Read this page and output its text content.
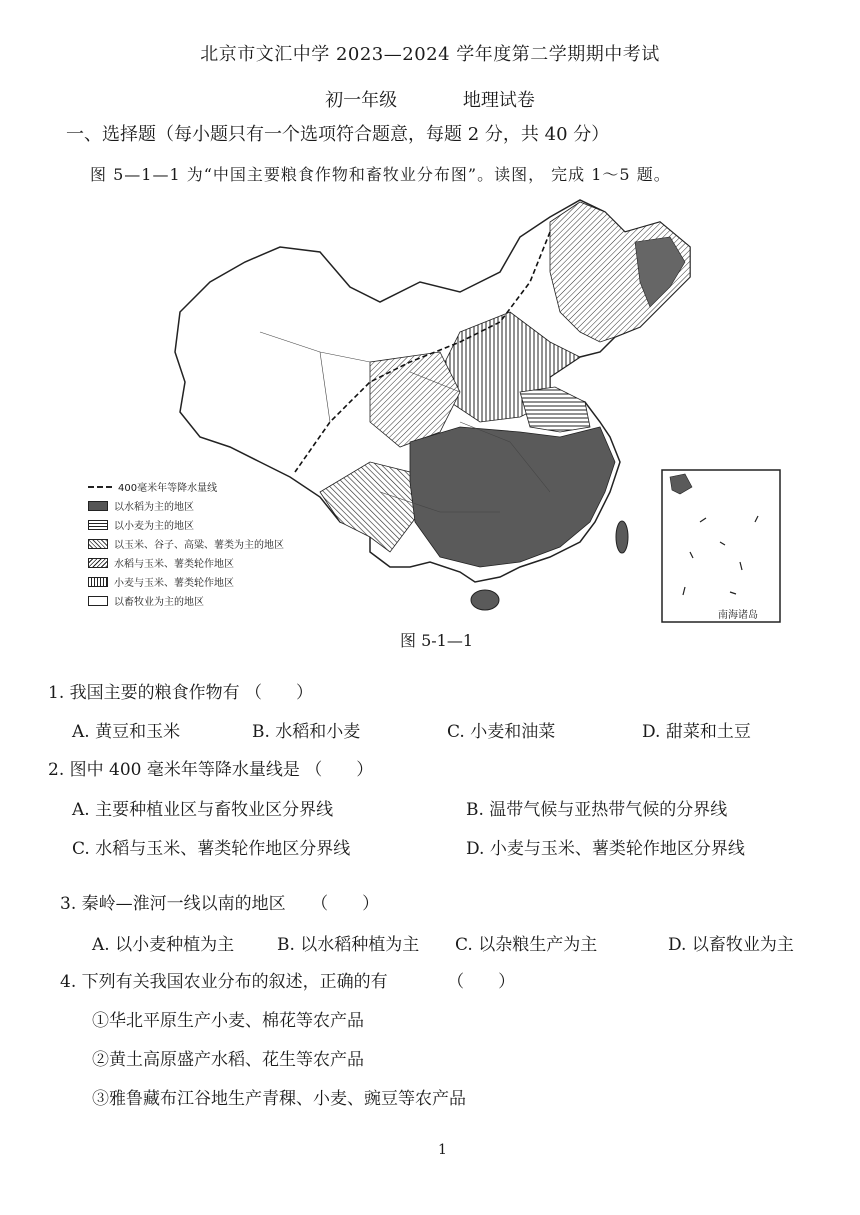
北京市文汇中学 2023—2024 学年度第二学期期中考试
初一年级	地理试卷
一、选择题（每小题只有一个选项符合题意，每题 2 分，共 40 分）
图 5—1—1 为“中国主要粮食作物和畜牧业分布图”。读图， 完成 1～5 题。
400毫米年等降水量线
以水稻为主的地区
以小麦为主的地区
以玉米、谷子、高粱、薯类为主的地区
水稻与玉米、薯类轮作地区
小麦与玉米、薯类轮作地区
以畜牧业为主的地区
南海诸岛
图 5-1—1
1. 我国主要的粮食作物有 （　　）
A. 黄豆和玉米	B. 水稻和小麦	C. 小麦和油菜	D. 甜菜和土豆
2. 图中 400 毫米年等降水量线是 （　　）
A. 主要种植业区与畜牧业区分界线	B. 温带气候与亚热带气候的分界线
C. 水稻与玉米、薯类轮作地区分界线	D. 小麦与玉米、薯类轮作地区分界线
3. 秦岭—淮河一线以南的地区　　（　　）
A. 以小麦种植为主	B. 以水稻种植为主 C. 以杂粮生产为主	D. 以畜牧业为主
4. 下列有关我国农业分布的叙述，正确的有　　　　（　　）
①华北平原生产小麦、棉花等农产品
②黄土高原盛产水稻、花生等农产品
③雅鲁藏布江谷地生产青稞、小麦、豌豆等农产品
1
